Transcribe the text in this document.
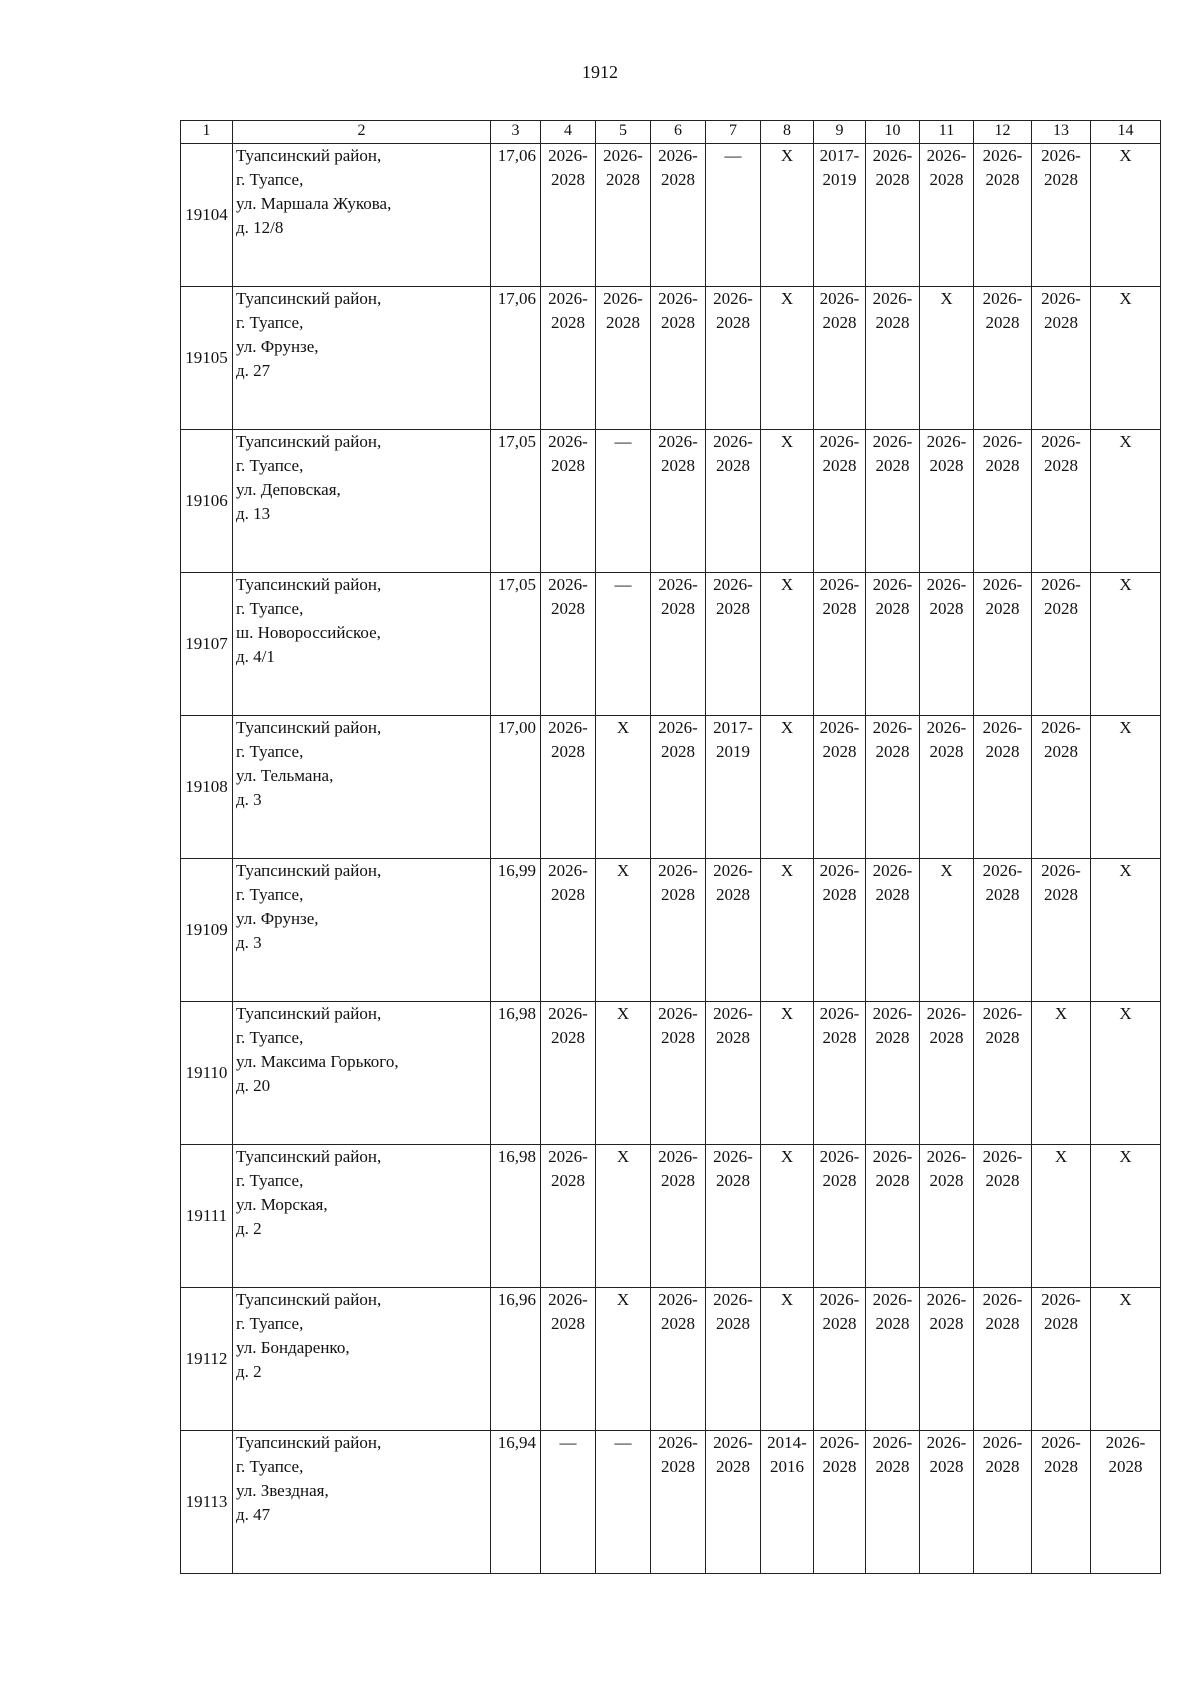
1912
1	2	3	4	5	6	7	8	9	10	11	12	13	14
19104	Туапсинский район,
г. Туапсе,
ул. Маршала Жукова,
д. 12/8	17,06	2026-
2028	2026-
2028	2026-
2028	—	X	2017-
2019	2026-
2028	2026-
2028	2026-
2028	2026-
2028	X

19105	Туапсинский район,
г. Туапсе,
ул. Фрунзе,
д. 27	17,06	2026-
2028	2026-
2028	2026-
2028	2026-
2028	X	2026-
2028	2026-
2028	X	2026-
2028	2026-
2028	X

19106	Туапсинский район,
г. Туапсе,
ул. Деповская,
д. 13	17,05	2026-
2028	—	2026-
2028	2026-
2028	X	2026-
2028	2026-
2028	2026-
2028	2026-
2028	2026-
2028	X

19107	Туапсинский район,
г. Туапсе,
ш. Новороссийское,
д. 4/1	17,05	2026-
2028	—	2026-
2028	2026-
2028	X	2026-
2028	2026-
2028	2026-
2028	2026-
2028	2026-
2028	X

19108	Туапсинский район,
г. Туапсе,
ул. Тельмана,
д. 3	17,00	2026-
2028	X	2026-
2028	2017-
2019	X	2026-
2028	2026-
2028	2026-
2028	2026-
2028	2026-
2028	X

19109	Туапсинский район,
г. Туапсе,
ул. Фрунзе,
д. 3	16,99	2026-
2028	X	2026-
2028	2026-
2028	X	2026-
2028	2026-
2028	X	2026-
2028	2026-
2028	X

19110	Туапсинский район,
г. Туапсе,
ул. Максима Горького,
д. 20	16,98	2026-
2028	X	2026-
2028	2026-
2028	X	2026-
2028	2026-
2028	2026-
2028	2026-
2028	X	X

19111	Туапсинский район,
г. Туапсе,
ул. Морская,
д. 2	16,98	2026-
2028	X	2026-
2028	2026-
2028	X	2026-
2028	2026-
2028	2026-
2028	2026-
2028	X	X

19112	Туапсинский район,
г. Туапсе,
ул. Бондаренко,
д. 2	16,96	2026-
2028	X	2026-
2028	2026-
2028	X	2026-
2028	2026-
2028	2026-
2028	2026-
2028	2026-
2028	X

19113	Туапсинский район,
г. Туапсе,
ул. Звездная,
д. 47	16,94	—	—	2026-
2028	2026-
2028	2014-
2016	2026-
2028	2026-
2028	2026-
2028	2026-
2028	2026-
2028	2026-
2028
